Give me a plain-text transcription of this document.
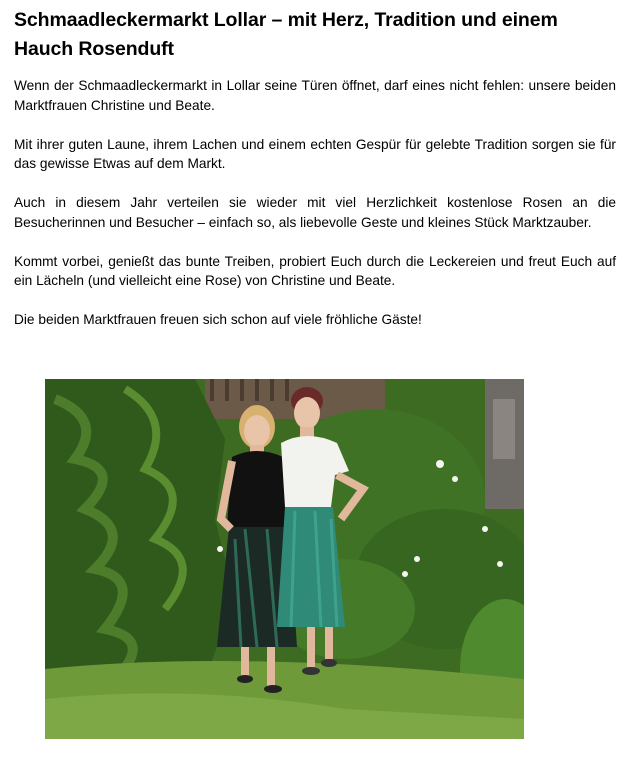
Schmaadleckermarkt Lollar – mit Herz, Tradition und einem Hauch Rosenduft

Wenn der Schmaadleckermarkt in Lollar seine Türen öffnet, darf eines nicht fehlen: unsere beiden Marktfrauen Christine und Beate.

Mit ihrer guten Laune, ihrem Lachen und einem echten Gespür für gelebte Tradition sorgen sie für das gewisse Etwas auf dem Markt.

Auch in diesem Jahr verteilen sie wieder mit viel Herzlichkeit kostenlose Rosen an die Besucherinnen und Besucher – einfach so, als liebevolle Geste und kleines Stück Marktzauber.

Kommt vorbei, genießt das bunte Treiben, probiert Euch durch die Leckereien und freut Euch auf ein Lächeln (und vielleicht eine Rose) von Christine und Beate.

Die beiden Marktfrauen freuen sich schon auf viele fröhliche Gäste!
